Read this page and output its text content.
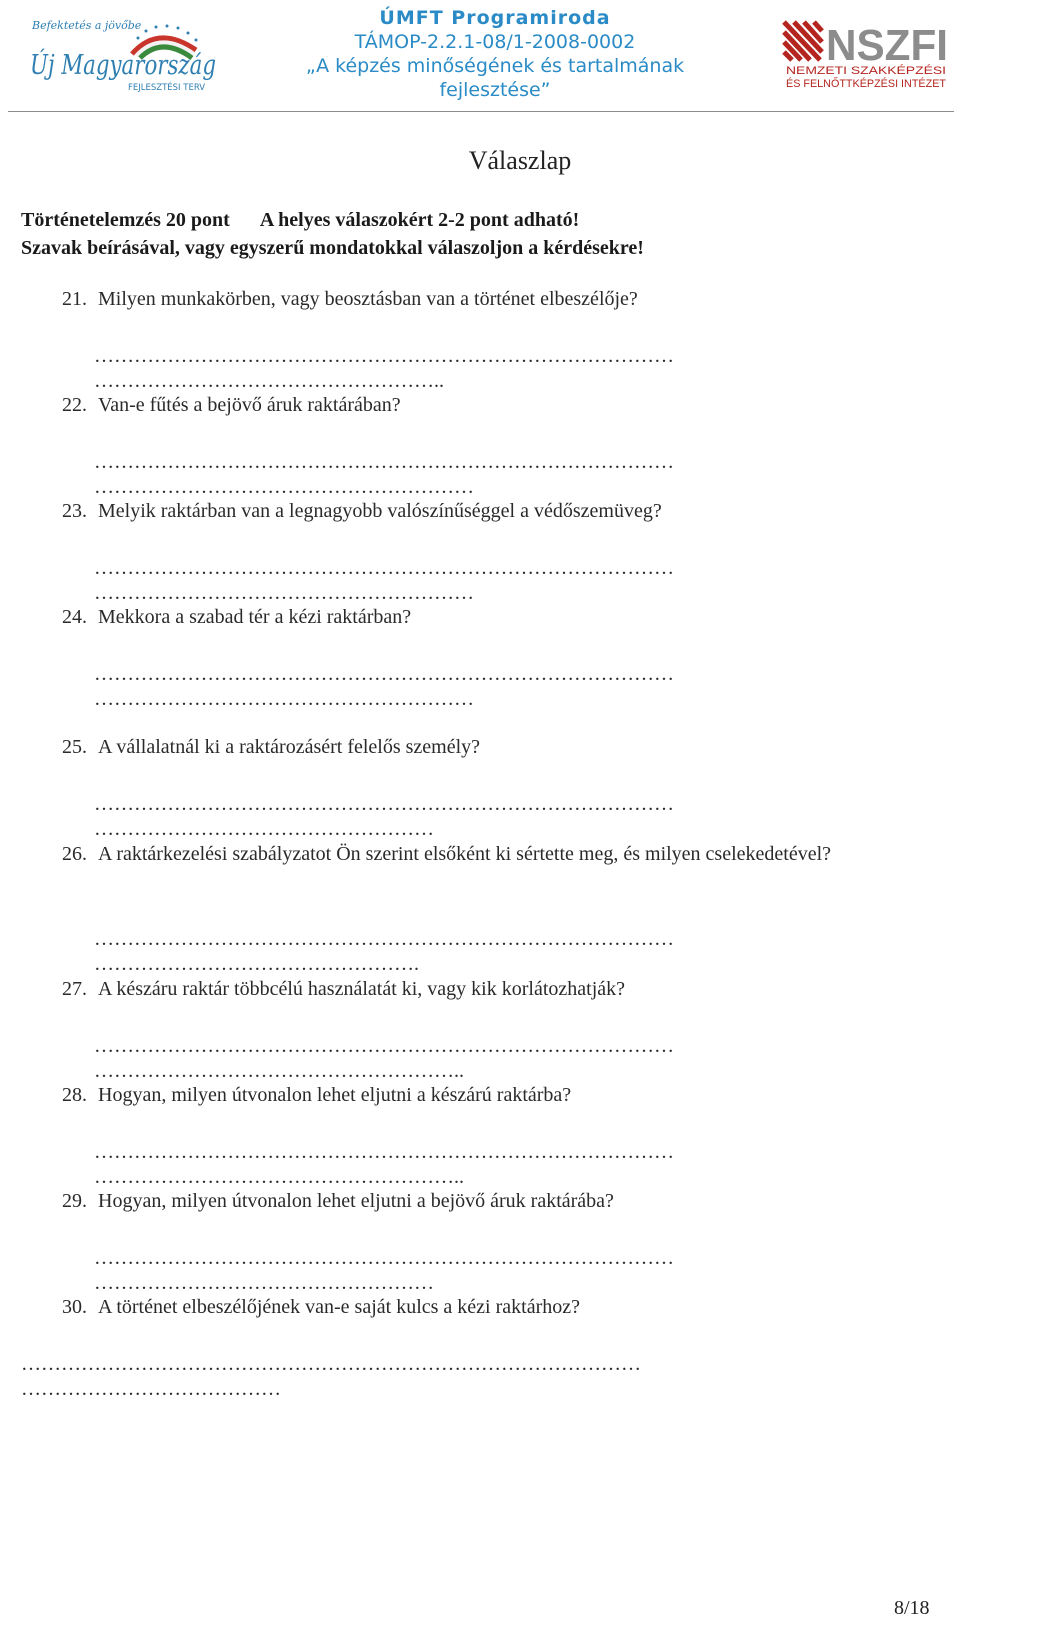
Befektetés a jövőbe
Új Magyarország
FEJLESZTÉSI TERV
ÚMFT Programiroda
TÁMOP-2.2.1-08/1-2008-0002
„A képzés minőségének és tartalmának
fejlesztése”
NSZFI
NEMZETI SZAKKÉPZÉSI
ÉS FELNŐTTKÉPZÉSI INTÉZET
Válaszlap
Történetelemzés 20 pont A helyes válaszokért 2-2 pont adható!
Szavak beírásával, vagy egyszerű mondatokkal válaszoljon a kérdésekre!
21. Milyen munkakörben, vagy beosztásban van a történet elbeszélője?
……………………………………………………………………………
……………………………………………..
22. Van-e fűtés a bejövő áruk raktárában?
……………………………………………………………………………
…………………………………………………
23. Melyik raktárban van a legnagyobb valószínűséggel a védőszemüveg?
……………………………………………………………………………
…………………………………………………
24. Mekkora a szabad tér a kézi raktárban?
……………………………………………………………………………
…………………………………………………
25. A vállalatnál ki a raktározásért felelős személy?
……………………………………………………………………………
……………………………………………
26. A raktárkezelési szabályzatot Ön szerint elsőként ki sértette meg, és milyen cselekedetével?
……………………………………………………………………………
………………………………………….
27. A készáru raktár többcélú használatát ki, vagy kik korlátozhatják?
……………………………………………………………………………
………………………………………………..
28. Hogyan, milyen útvonalon lehet eljutni a készárú raktárba?
……………………………………………………………………………
………………………………………………..
29. Hogyan, milyen útvonalon lehet eljutni a bejövő áruk raktárába?
……………………………………………………………………………
……………………………………………
30. A történet elbeszélőjének van-e saját kulcs a kézi raktárhoz?
…………………………………………………………………………………
…………………………………
8/18
